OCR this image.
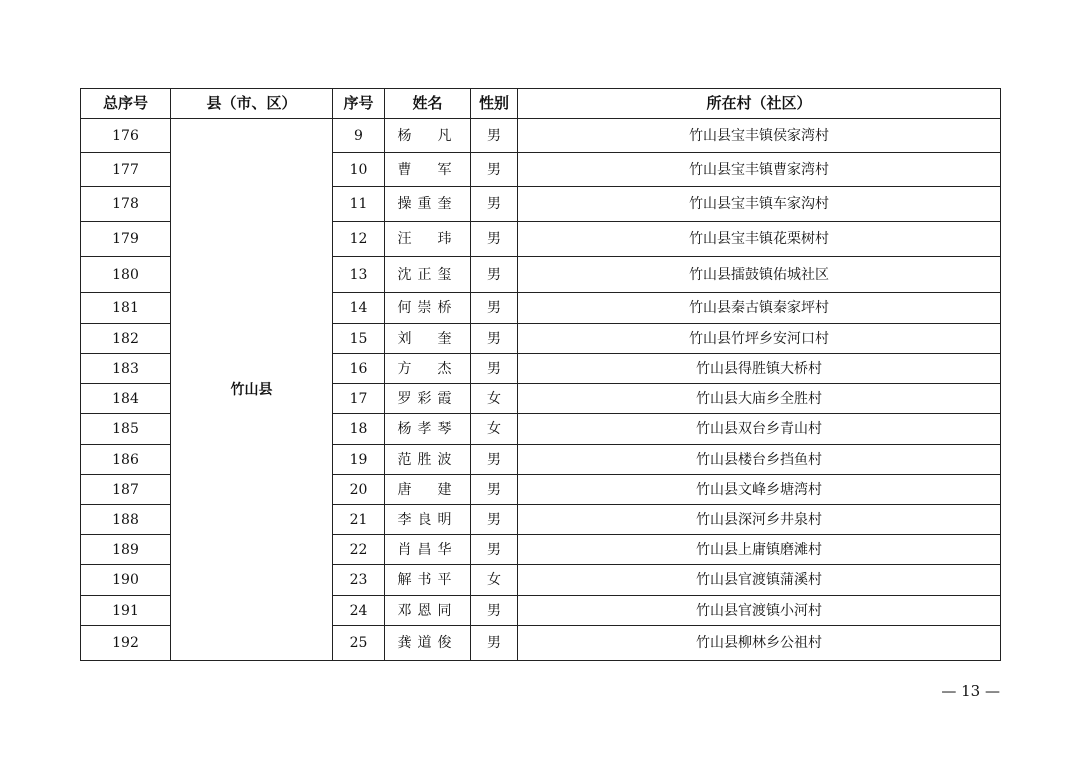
总序号	县（市、区）	序号	姓名	性别	所在村（社区）
176	竹山县	9	杨　凡	男	竹山县宝丰镇侯家湾村
177		10	曹　军	男	竹山县宝丰镇曹家湾村
178		11	操重奎	男	竹山县宝丰镇车家沟村
179		12	汪　玮	男	竹山县宝丰镇花栗树村
180		13	沈正玺	男	竹山县擂鼓镇佑城社区
181		14	何崇桥	男	竹山县秦古镇秦家坪村
182		15	刘　奎	男	竹山县竹坪乡安河口村
183		16	方　杰	男	竹山县得胜镇大桥村
184		17	罗彩霞	女	竹山县大庙乡全胜村
185		18	杨孝琴	女	竹山县双台乡青山村
186		19	范胜波	男	竹山县楼台乡挡鱼村
187		20	唐　建	男	竹山县文峰乡塘湾村
188		21	李良明	男	竹山县深河乡井泉村
189		22	肖昌华	男	竹山县上庸镇磨滩村
190		23	解书平	女	竹山县官渡镇蒲溪村
191		24	邓恩同	男	竹山县官渡镇小河村
192		25	龚道俊	男	竹山县柳林乡公祖村
— 13 —
